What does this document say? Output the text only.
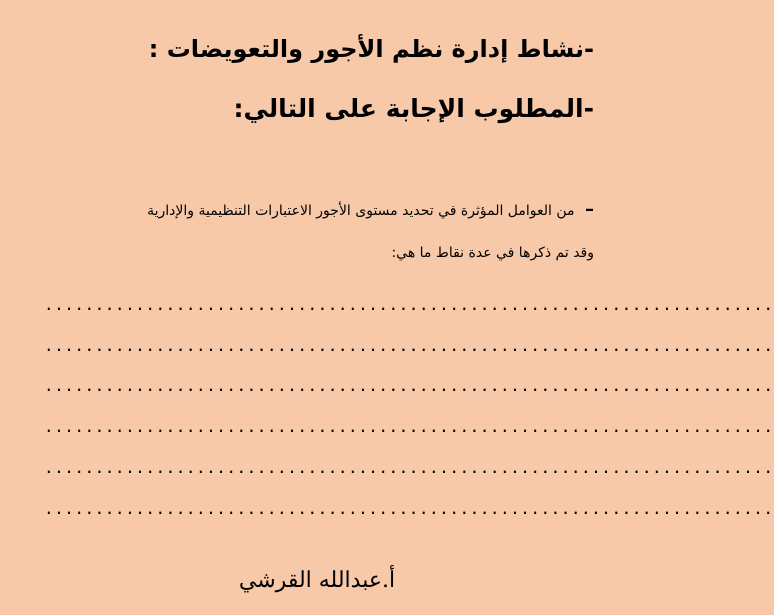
-نشاط إدارة نظم الأجور والتعويضات :
-المطلوب الإجابة على التالي:
– من العوامل المؤثرة في تحديد مستوى الأجور الاعتبارات التنظيمية والإدارية
وقد تم ذكرها في عدة نقاط ما هي:
........................................................................
........................................................................
........................................................................
........................................................................
........................................................................
........................................................................
أ.عبدالله القرشي
